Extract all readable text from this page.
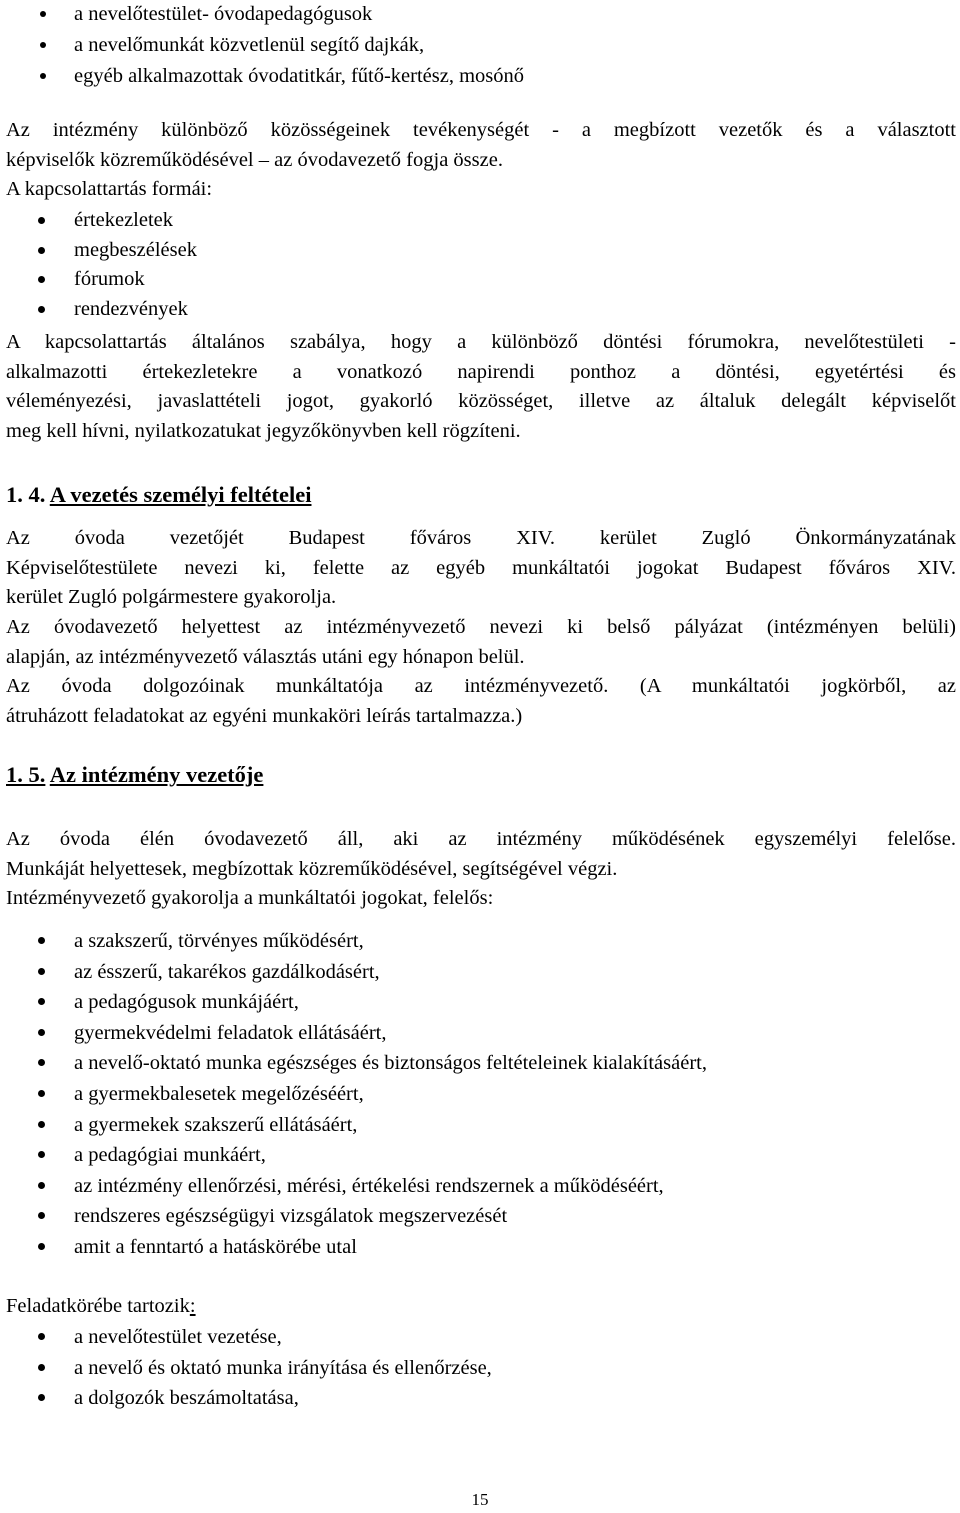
a nevelőtestület- óvodapedagógusok
a nevelőmunkát közvetlenül segítő dajkák,
egyéb alkalmazottak óvodatitkár, fűtő-kertész, mosónő

Az intézmény különböző közösségeinek tevékenységét - a megbízott vezetők és a választott

képviselők közreműködésével – az óvodavezető fogja össze.

A kapcsolattartás formái:

értekezletek
megbeszélések
fórumok
rendezvények

A kapcsolattartás általános szabálya, hogy a különböző döntési fórumokra, nevelőtestületi -

alkalmazotti értekezletekre a vonatkozó napirendi ponthoz a döntési, egyetértési és

véleményezési, javaslattételi jogot, gyakorló közösséget, illetve az általuk delegált képviselőt

meg kell hívni, nyilatkozatukat jegyzőkönyvben kell rögzíteni.

1. 4. A vezetés személyi feltételei

Az óvoda vezetőjét Budapest főváros XIV. kerület Zugló Önkormányzatának

Képviselőtestülete nevezi ki, felette az egyéb munkáltatói jogokat Budapest főváros XIV.

kerület Zugló polgármestere gyakorolja.

Az óvodavezető helyettest az intézményvezető nevezi ki belső pályázat (intézményen belüli)

alapján, az intézményvezető választás utáni egy hónapon belül.

Az óvoda dolgozóinak munkáltatója az intézményvezető. (A munkáltatói jogkörből, az

átruházott feladatokat az egyéni munkaköri leírás tartalmazza.)

1. 5. Az intézmény vezetője

Az óvoda élén óvodavezető áll, aki az intézmény működésének egyszemélyi felelőse.

Munkáját helyettesek, megbízottak közreműködésével, segítségével végzi.

Intézményvezető gyakorolja a munkáltatói jogokat, felelős:

a szakszerű, törvényes működésért,
az ésszerű, takarékos gazdálkodásért,
a pedagógusok munkájáért,
gyermekvédelmi feladatok ellátásáért,
a nevelő-oktató munka egészséges és biztonságos feltételeinek kialakításáért,
a gyermekbalesetek megelőzéséért,
a gyermekek szakszerű ellátásáért,
a pedagógiai munkáért,
az intézmény ellenőrzési, mérési, értékelési rendszernek a működéséért,
rendszeres egészségügyi vizsgálatok megszervezését
amit a fenntartó a hatáskörébe utal
Feladatkörébe tartozik:
a nevelőtestület vezetése,
a nevelő és oktató munka irányítása és ellenőrzése,
a dolgozók beszámoltatása,
15
